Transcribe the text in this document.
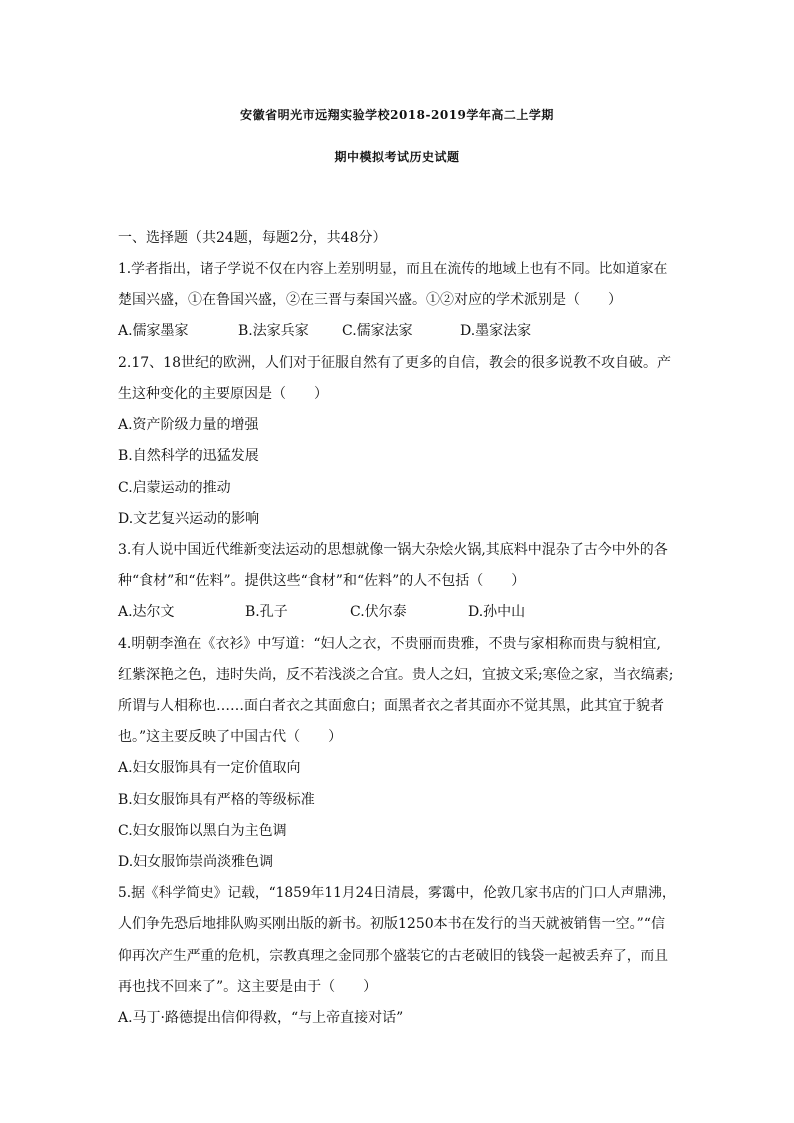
安徽省明光市远翔实验学校2018-2019学年高二上学期
期中模拟考试历史试题
一、选择题（共24题，每题2分，共48分）
1.学者指出，诸子学说不仅在内容上差别明显，而且在流传的地域上也有不同。比如道家在
楚国兴盛，①在鲁国兴盛，②在三晋与秦国兴盛。①②对应的学术派别是（　　）
A.儒家墨家	B.法家兵家 C.儒家法家	D.墨家法家
2.17、18世纪的欧洲，人们对于征服自然有了更多的自信，教会的很多说教不攻自破。产
生这种变化的主要原因是（　　）
A.资产阶级力量的增强
B.自然科学的迅猛发展
C.启蒙运动的推动
D.文艺复兴运动的影响
3.有人说中国近代维新变法运动的思想就像一锅大杂烩火锅,其底料中混杂了古今中外的各
种“食材”和“佐料”。提供这些“食材”和“佐料”的人不包括（　　）
A.达尔文	B.孔子	C.伏尔泰	D.孙中山
4.明朝李渔在《衣衫》中写道：“妇人之衣，不贵丽而贵雅，不贵与家相称而贵与貌相宜,
红紫深艳之色，违时失尚，反不若浅淡之合宜。贵人之妇，宜披文采;寒俭之家，当衣缟素;
所谓与人相称也……面白者衣之其面愈白；面黑者衣之者其面亦不觉其黑，此其宜于貌者
也。”这主要反映了中国古代（　　）
A.妇女服饰具有一定价值取向
B.妇女服饰具有严格的等级标准
C.妇女服饰以黑白为主色调
D.妇女服饰崇尚淡雅色调
5.据《科学简史》记载，“1859年11月24日清晨，雾霭中，伦敦几家书店的门口人声鼎沸，
人们争先恐后地排队购买刚出版的新书。初版1250本书在发行的当天就被销售一空。”“信
仰再次产生严重的危机，宗教真理之金同那个盛装它的古老破旧的钱袋一起被丢弃了，而且
再也找不回来了”。这主要是由于（　　）
A.马丁·路德提出信仰得救，“与上帝直接对话”
